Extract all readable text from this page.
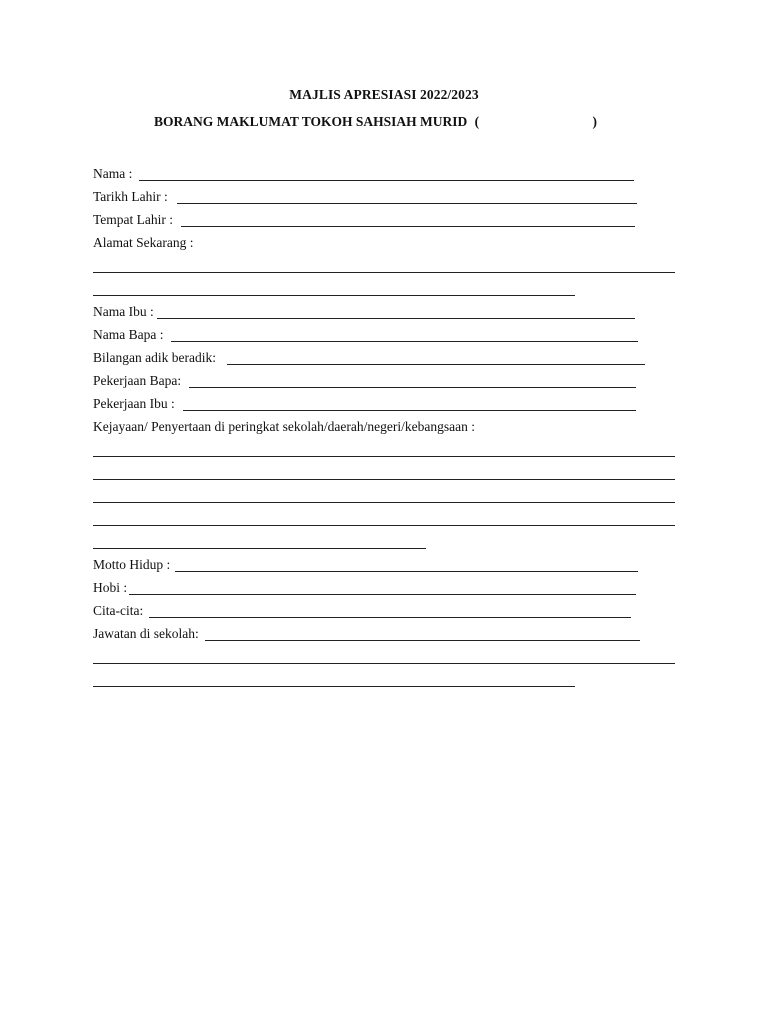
MAJLIS APRESIASI 2022/2023
BORANG MAKLUMAT TOKOH SAHSIAH MURID (	)
Nama :
Tarikh Lahir :
Tempat Lahir :
Alamat Sekarang :
Nama Ibu :
Nama Bapa :
Bilangan adik beradik:
Pekerjaan Bapa:
Pekerjaan Ibu :
Kejayaan/ Penyertaan di peringkat sekolah/daerah/negeri/kebangsaan :
Motto Hidup :
Hobi :
Cita-cita:
Jawatan di sekolah:
